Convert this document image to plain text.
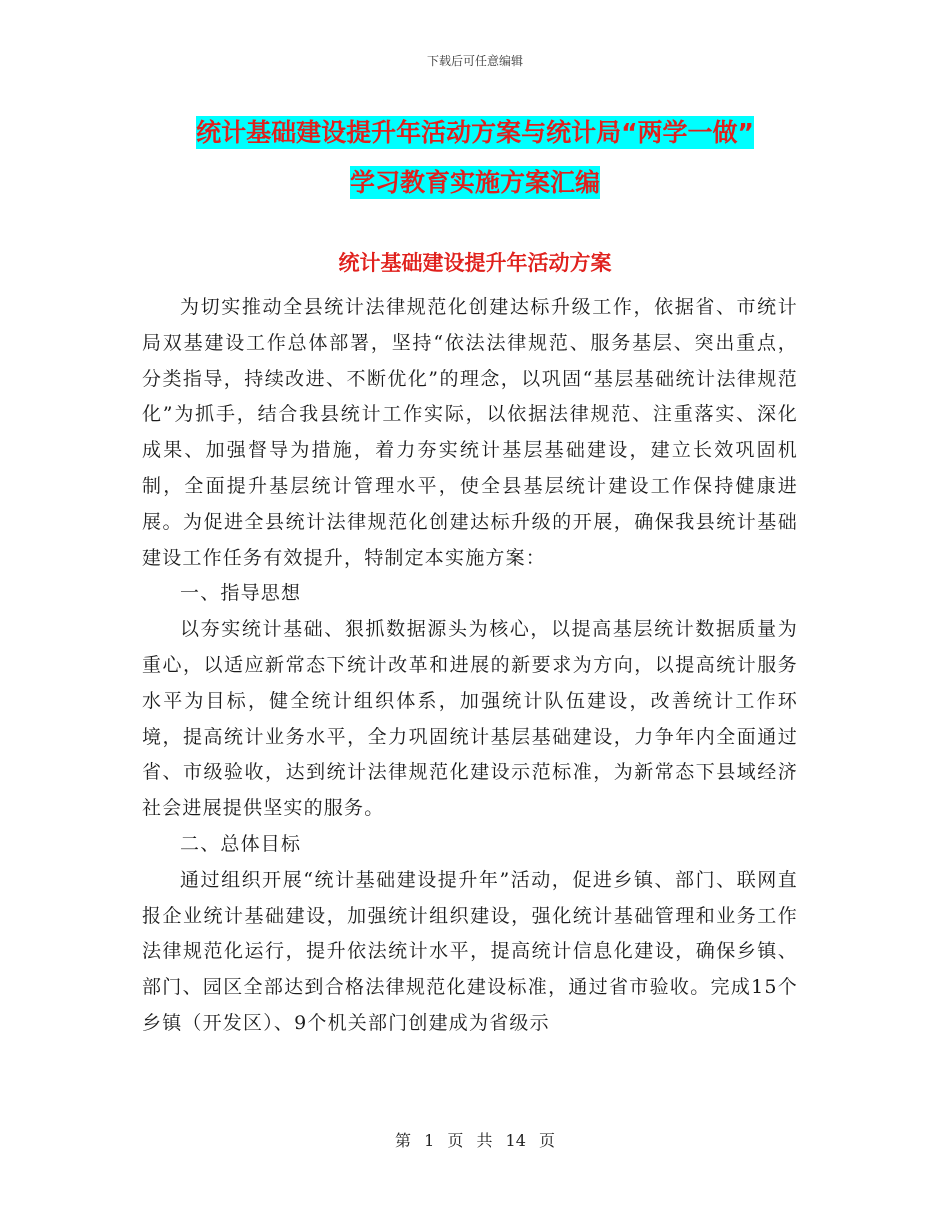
下载后可任意编辑
统计基础建设提升年活动方案与统计局“两学一做”
学习教育实施方案汇编
统计基础建设提升年活动方案

为切实推动全县统计法律规范化创建达标升级工作，依据省、市统计局双基建设工作总体部署，坚持“依法法律规范、服务基层、突出重点，分类指导，持续改进、不断优化”的理念，以巩固“基层基础统计法律规范化”为抓手，结合我县统计工作实际，以依据法律规范、注重落实、深化成果、加强督导为措施，着力夯实统计基层基础建设，建立长效巩固机制，全面提升基层统计管理水平，使全县基层统计建设工作保持健康进展。为促进全县统计法律规范化创建达标升级的开展，确保我县统计基础建设工作任务有效提升，特制定本实施方案：

一、指导思想

以夯实统计基础、狠抓数据源头为核心，以提高基层统计数据质量为重心，以适应新常态下统计改革和进展的新要求为方向，以提高统计服务水平为目标，健全统计组织体系，加强统计队伍建设，改善统计工作环境，提高统计业务水平，全力巩固统计基层基础建设，力争年内全面通过省、市级验收，达到统计法律规范化建设示范标准，为新常态下县域经济社会进展提供坚实的服务。

二、总体目标

通过组织开展“统计基础建设提升年”活动，促进乡镇、部门、联网直报企业统计基础建设，加强统计组织建设，强化统计基础管理和业务工作法律规范化运行，提升依法统计水平，提高统计信息化建设，确保乡镇、部门、园区全部达到合格法律规范化建设标准，通过省市验收。完成15个乡镇（开发区）、9个机关部门创建成为省级示

第 1 页 共 14 页
